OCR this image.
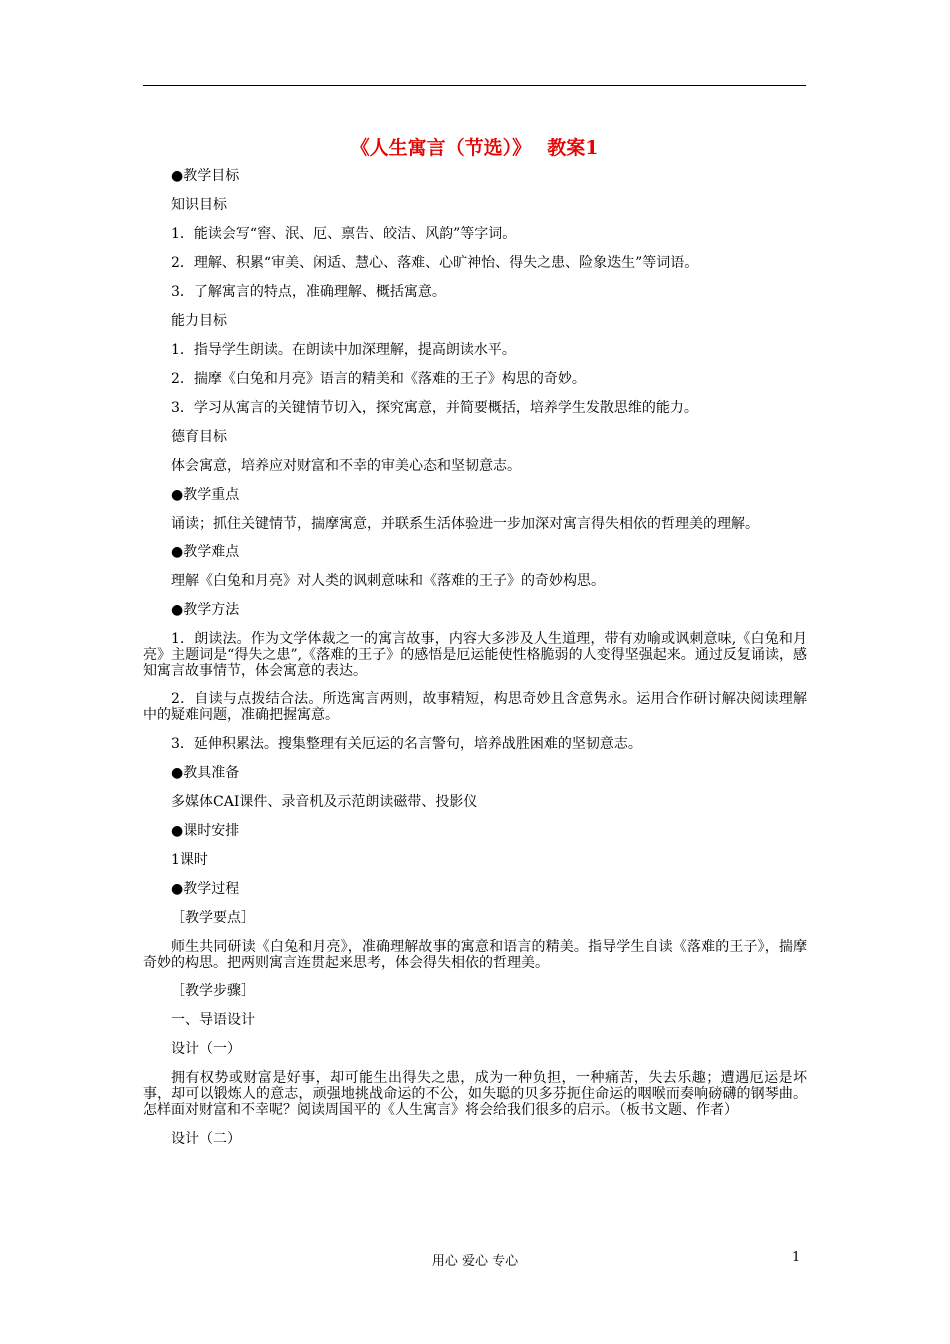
《人生寓言（节选）》　 教案1

●教学目标

知识目标

1．能读会写“窖、泯、厄、禀告、皎洁、风韵”等字词。

2．理解、积累“审美、闲适、慧心、落难、心旷神怡、得失之患、险象迭生”等词语。

3．了解寓言的特点，准确理解、概括寓意。

能力目标

1．指导学生朗读。在朗读中加深理解，提高朗读水平。

2．揣摩《白兔和月亮》语言的精美和《落难的王子》构思的奇妙。

3．学习从寓言的关键情节切入，探究寓意，并简要概括，培养学生发散思维的能力。

德育目标

体会寓意，培养应对财富和不幸的审美心态和坚韧意志。

●教学重点

诵读；抓住关键情节，揣摩寓意，并联系生活体验进一步加深对寓言得失相依的哲理美的理解。

●教学难点

理解《白兔和月亮》对人类的讽刺意味和《落难的王子》的奇妙构思。

●教学方法

1．朗读法。作为文学体裁之一的寓言故事，内容大多涉及人生道理，带有劝喻或讽刺意味,《白兔和月亮》主题词是“得失之患”,《落难的王子》的感悟是厄运能使性格脆弱的人变得坚强起来。通过反复诵读，感知寓言故事情节，体会寓意的表达。

2．自读与点拨结合法。所选寓言两则，故事精短，构思奇妙且含意隽永。运用合作研讨解决阅读理解中的疑难问题，准确把握寓意。

3．延伸积累法。搜集整理有关厄运的名言警句，培养战胜困难的坚韧意志。

●教具准备

多媒体CAI课件、录音机及示范朗读磁带、投影仪

●课时安排

1课时

●教学过程

［教学要点］

师生共同研读《白兔和月亮》，准确理解故事的寓意和语言的精美。指导学生自读《落难的王子》，揣摩奇妙的构思。把两则寓言连贯起来思考，体会得失相依的哲理美。

［教学步骤］

一、导语设计

设计（一）

拥有权势或财富是好事，却可能生出得失之患，成为一种负担，一种痛苦，失去乐趣；遭遇厄运是坏事，却可以锻炼人的意志，顽强地挑战命运的不公，如失聪的贝多芬扼住命运的咽喉而奏响磅礴的钢琴曲。怎样面对财富和不幸呢？阅读周国平的《人生寓言》将会给我们很多的启示。（板书文题、作者）

设计（二）

用心 爱心 专心	1
